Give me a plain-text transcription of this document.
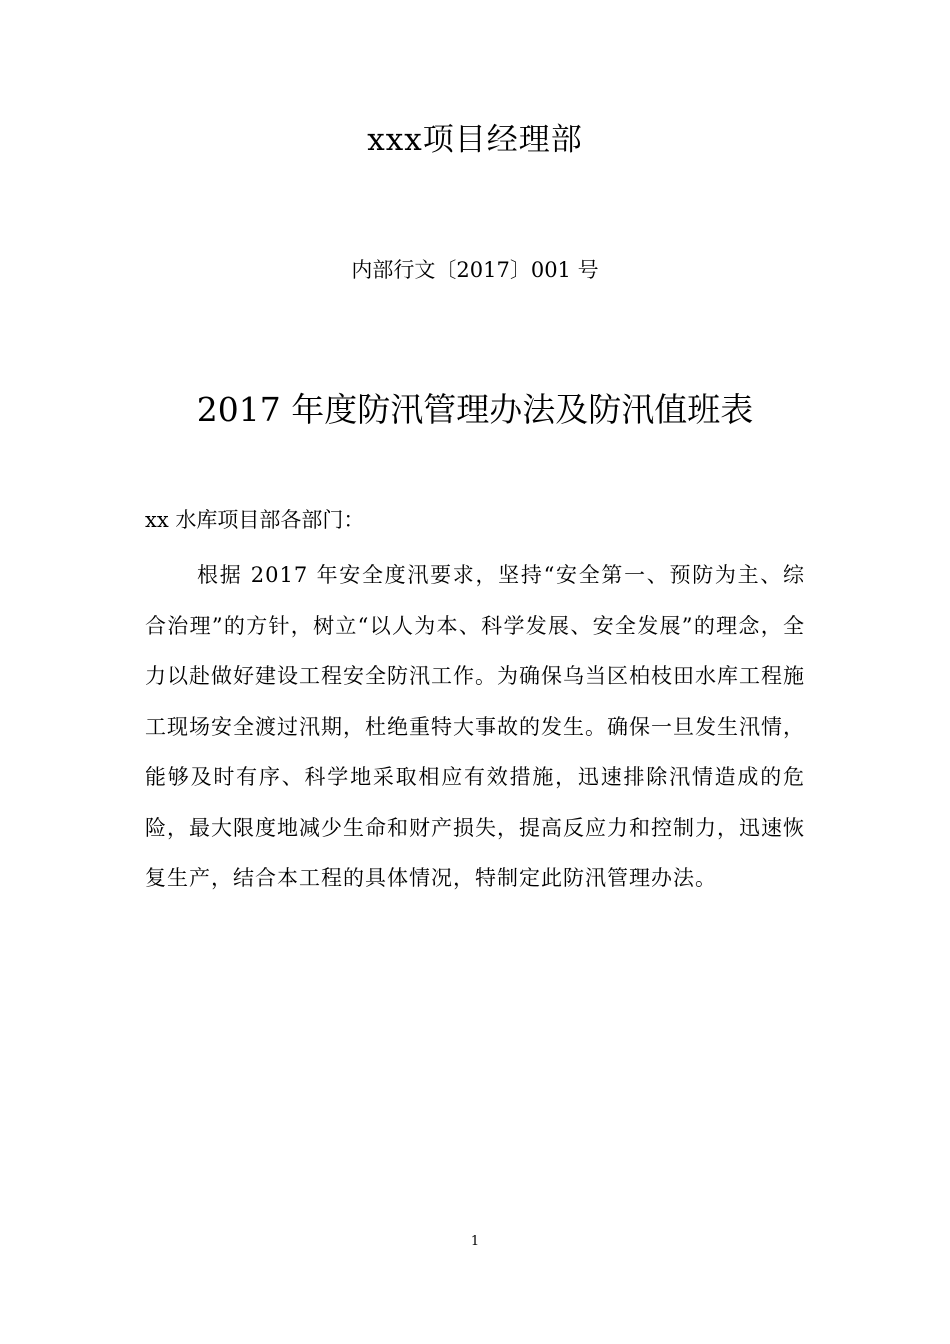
xxx项目经理部
内部行文〔2017〕001 号
2017 年度防汛管理办法及防汛值班表
xx 水库项目部各部门：

根据 2017 年安全度汛要求，坚持“安全第一、预防为主、综合治理”的方针，树立“以人为本、科学发展、安全发展”的理念，全力以赴做好建设工程安全防汛工作。为确保乌当区柏枝田水库工程施工现场安全渡过汛期，杜绝重特大事故的发生。确保一旦发生汛情，能够及时有序、科学地采取相应有效措施，迅速排除汛情造成的危险，最大限度地减少生命和财产损失，提高反应力和控制力，迅速恢复生产，结合本工程的具体情况，特制定此防汛管理办法。

1
